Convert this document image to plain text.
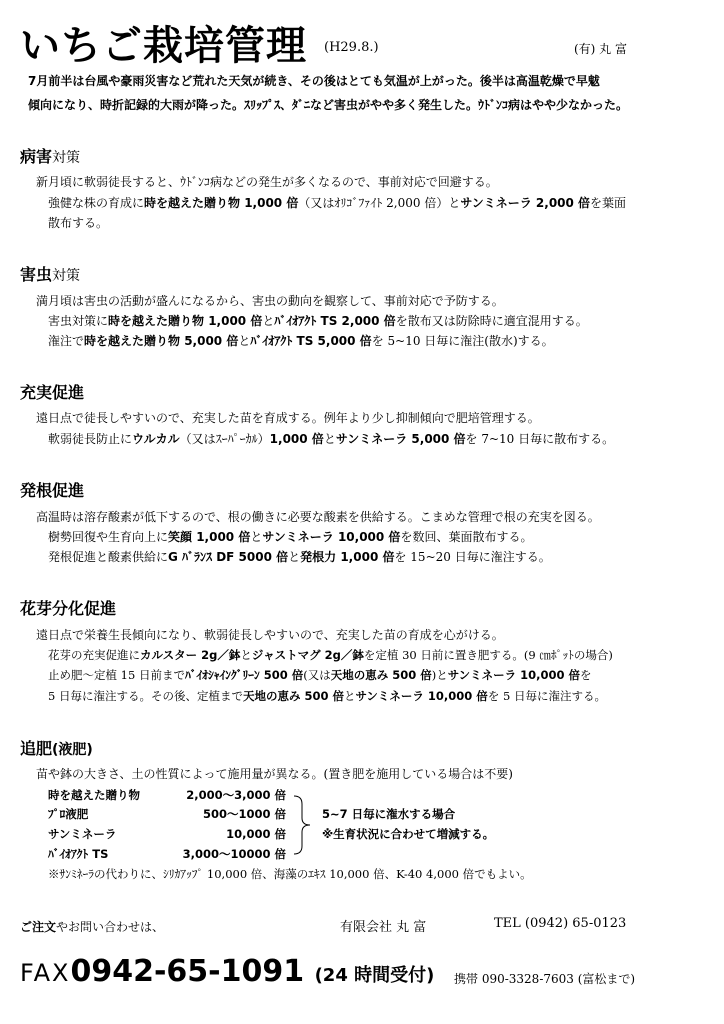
いちご栽培管理 (H29.8.)	(有) 丸 富
7月前半は台風や豪雨災害など荒れた天気が続き、その後はとても気温が上がった。後半は高温乾燥で早魃
傾向になり、時折記録的大雨が降った。ｽﾘｯﾌﾟｽ、ﾀﾞﾆなど害虫がやや多く発生した。ｳﾄﾞﾝｺ病はやや少なかった。
病害対策
新月頃に軟弱徒長すると、ｳﾄﾞﾝｺ病などの発生が多くなるので、事前対応で回避する。
強健な株の育成に時を越えた贈り物 1,000 倍（又はｵﾘｺﾞﾌｧｲﾄ 2,000 倍）とサンミネーラ 2,000 倍を葉面
散布する。
害虫対策
満月頃は害虫の活動が盛んになるから、害虫の動向を観察して、事前対応で予防する。
害虫対策に時を越えた贈り物 1,000 倍とﾊﾞｲｵｱｸﾄ TS 2,000 倍を散布又は防除時に適宜混用する。
潅注で時を越えた贈り物 5,000 倍とﾊﾞｲｵｱｸﾄ TS 5,000 倍を 5~10 日毎に潅注(散水)する。
充実促進
遠日点で徒長しやすいので、充実した苗を育成する。例年より少し抑制傾向で肥培管理する。
軟弱徒長防止にウルカル（又はｽｰﾊﾟｰｶﾙ）1,000 倍とサンミネーラ 5,000 倍を 7~10 日毎に散布する。
発根促進
高温時は溶存酸素が低下するので、根の働きに必要な酸素を供給する。こまめな管理で根の充実を図る。
樹勢回復や生育向上に笑顔 1,000 倍とサンミネーラ 10,000 倍を数回、葉面散布する。
発根促進と酸素供給にG ﾊﾞﾗﾝｽ DF 5000 倍と発根力 1,000 倍を 15~20 日毎に潅注する。
花芽分化促進
遠日点で栄養生長傾向になり、軟弱徒長しやすいので、充実した苗の育成を心がける。
花芽の充実促進にカルスター 2g／鉢とジャストマグ 2g／鉢を定植 30 日前に置き肥する。(9 ㎝ﾎﾟｯﾄの場合)
止め肥～定植 15 日前までﾊﾞｲｵｼｬｲﾝｸﾞﾘｰﾝ 500 倍(又は天地の恵み 500 倍)とサンミネーラ 10,000 倍を
5 日毎に潅注する。その後、定植まで天地の恵み 500 倍とサンミネーラ 10,000 倍を 5 日毎に潅注する。
追肥(液肥)
苗や鉢の大きさ、土の性質によって施用量が異なる。(置き肥を施用している場合は不要)
時を越えた贈り物	2,000～3,000 倍
ﾌﾟﾛ液肥	500～1000 倍
サンミネーラ	10,000 倍
ﾊﾞｲｵｱｸﾄ TS	3,000～10000 倍
5~7 日毎に潅水する場合
※生育状況に合わせて増減する。
※ｻﾝﾐﾈｰﾗの代わりに、ｼﾘｶｱｯﾌﾟ 10,000 倍、海藻のｴｷｽ 10,000 倍、K-40 4,000 倍でもよい。
ご注文やお問い合わせは、	有限会社 丸 富	TEL (0942) 65-0123
FAX0942-65-1091 (24 時間受付) 携帯 090-3328-7603 (富松まで)
